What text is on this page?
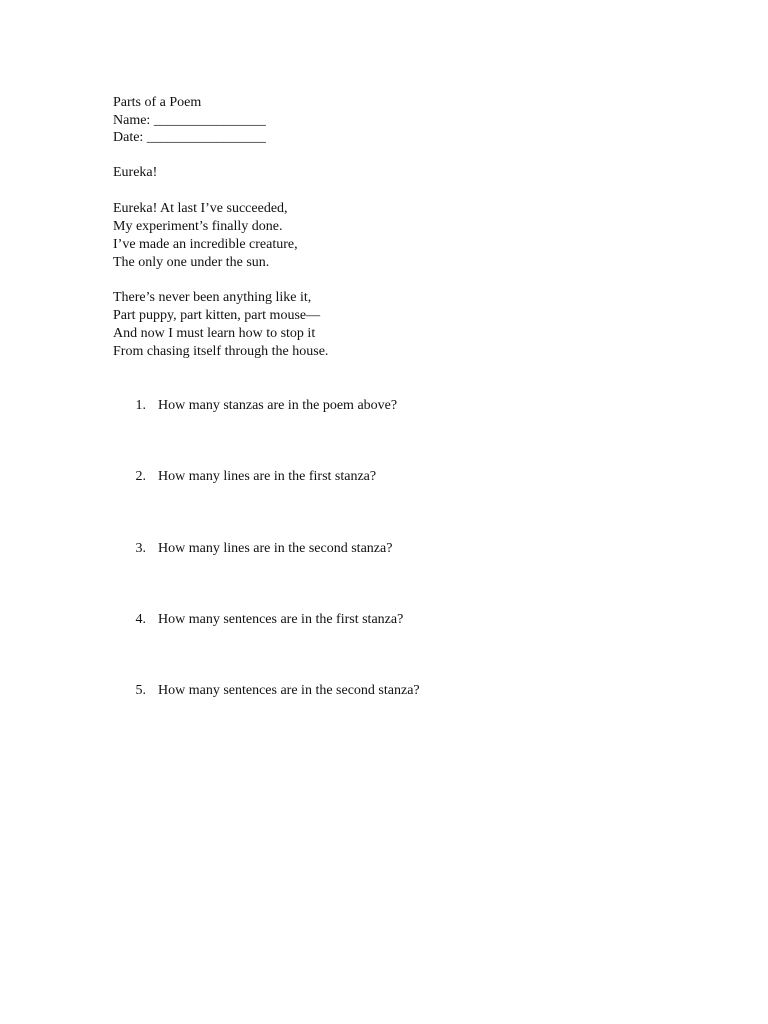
Parts of a Poem
Name: ________________
Date: _________________
Eureka!
Eureka! At last I’ve succeeded,
My experiment’s finally done.
I’ve made an incredible creature,
The only one under the sun.
There’s never been anything like it,
Part puppy, part kitten, part mouse—
And now I must learn how to stop it
From chasing itself through the house.
1. How many stanzas are in the poem above?
2. How many lines are in the first stanza?
3. How many lines are in the second stanza?
4. How many sentences are in the first stanza?
5. How many sentences are in the second stanza?
